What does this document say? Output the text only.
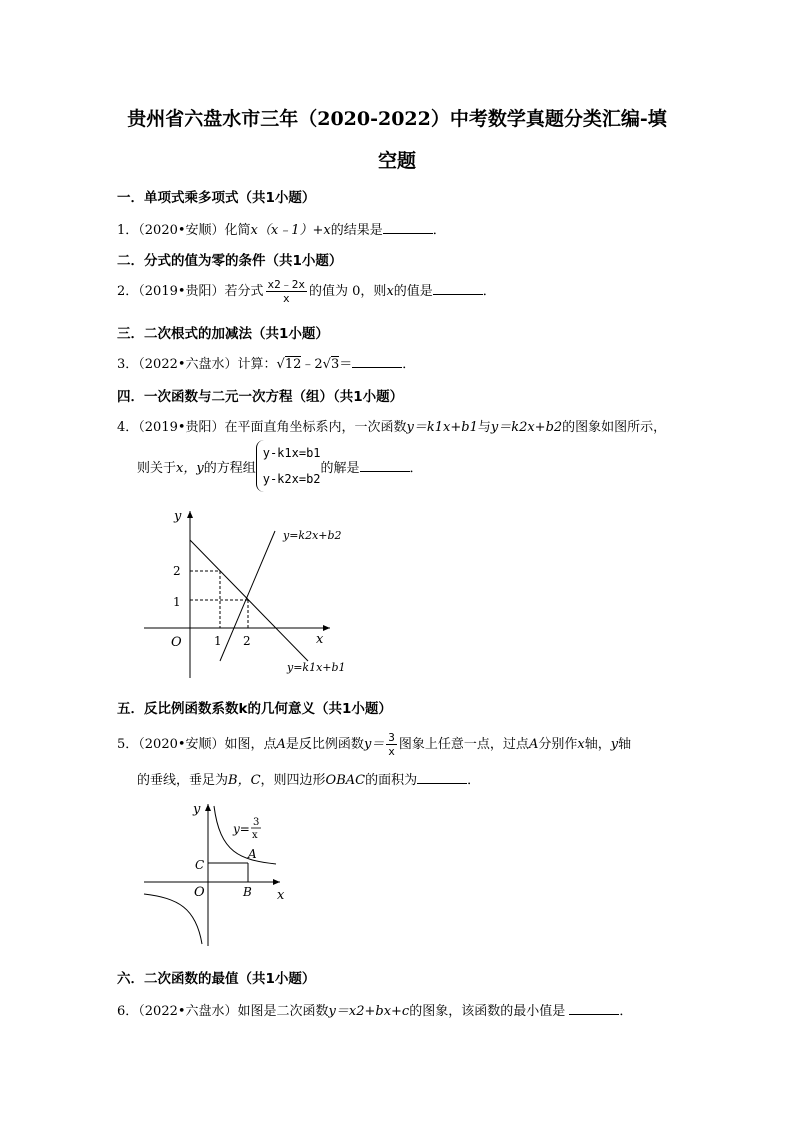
贵州省六盘水市三年（2020-2022）中考数学真题分类汇编-填
空题
一．单项式乘多项式（共1小题）
1．（2020•安顺）化简x（x﹣1）+x的结果是	．
二．分式的值为零的条件（共1小题）
2．（2019•贵阳）若分式 $\frac{x2﹣2x}{x}$ 的值为 0，则x的值是	．
三．二次根式的加减法（共1小题）
3．（2022•六盘水）计算：√12﹣2√3＝	．
四．一次函数与二元一次方程（组）（共1小题）
4．（2019•贵阳）在平面直角坐标系内，一次函数y＝k1x+b1与y＝k2x+b2的图象如图所示，
则关于x，y的方程组
y-k1x=b1
y-k2x=b2
的解是	．
y
x
O	1 2
2
1
y=k2x+b2
y=k1x+b1
五．反比例函数系数k的几何意义（共1小题）
5．（2020•安顺）如图，点A是反比例函数$y= \frac{3}{x}$ 图象上任意一点，过点A分别作x轴，y轴
的垂线，垂足为B，C，则四边形OBAC的面积为	．
y
x
O
A
B
C
y= 3
x
六．二次函数的最值（共1小题）
6．（2022•六盘水）如图是二次函数y＝x2+bx+c的图象，该函数的最小值是	．
